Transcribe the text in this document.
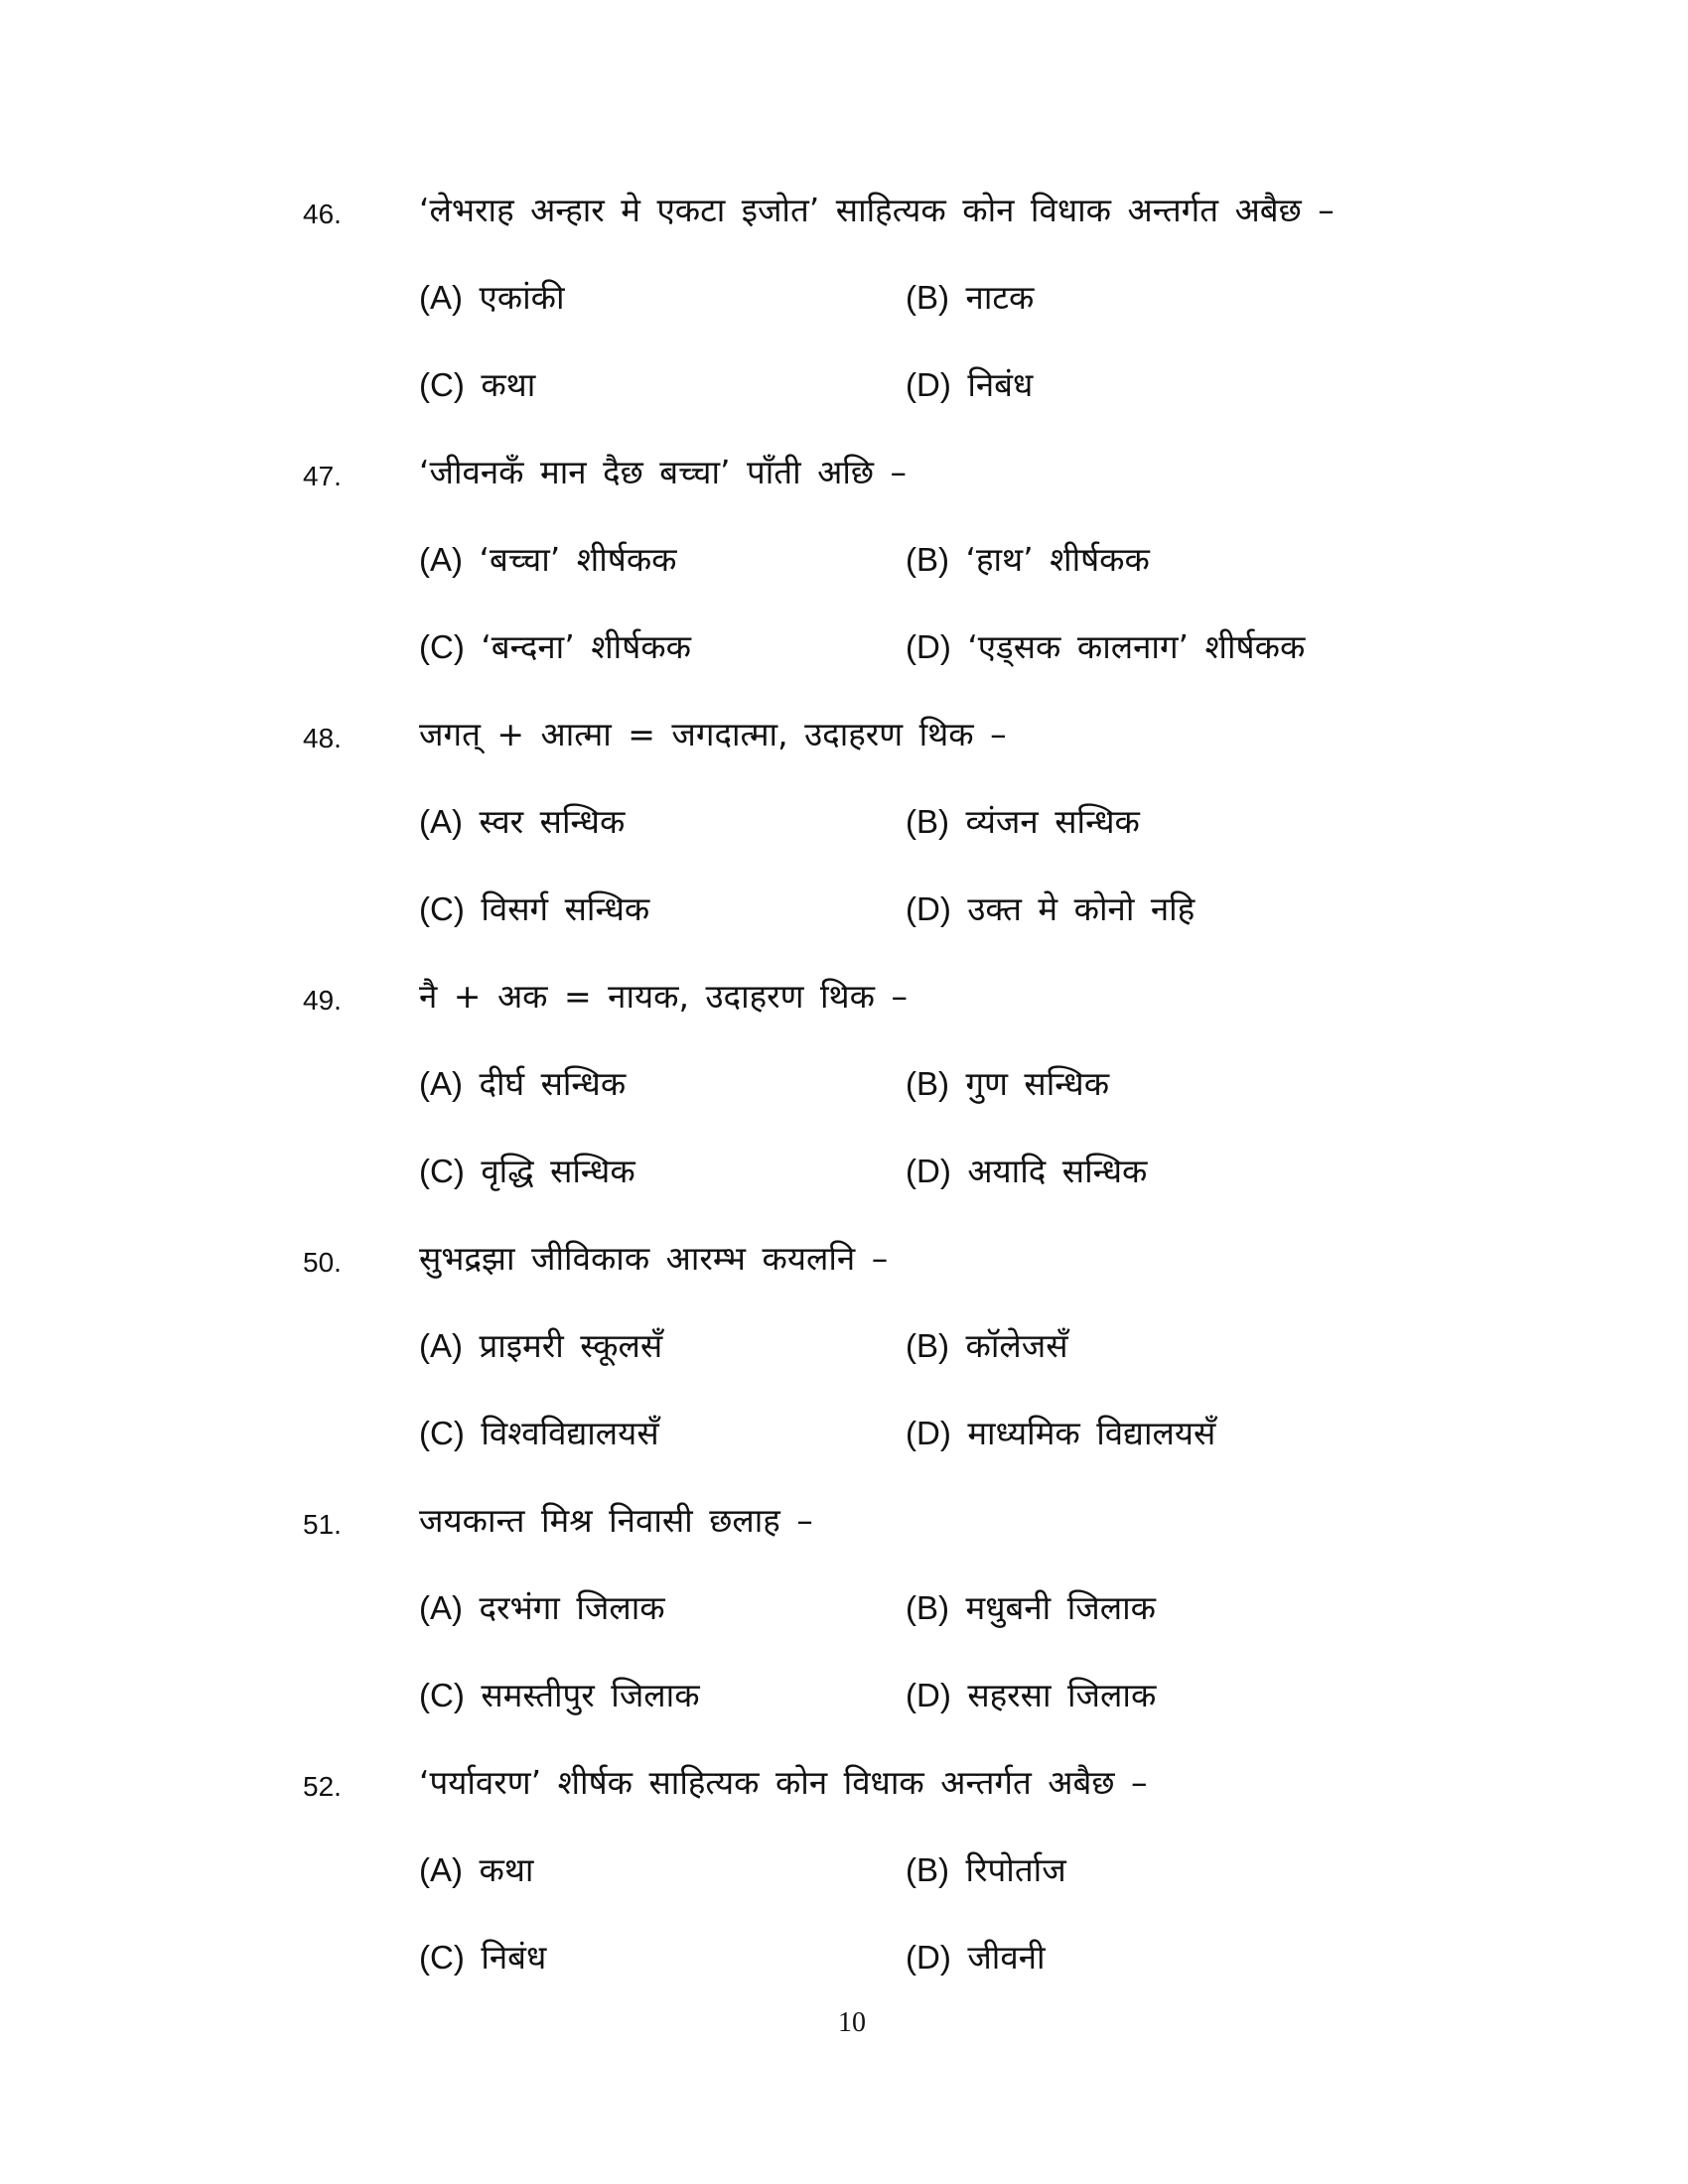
46. ‘लेभराह अन्हार मे एकटा इजोत’ साहित्यक कोन विधाक अन्तर्गत अबैछ –
(A) एकांकी	(B) नाटक
(C) कथा	(D) निबंध
47. ‘जीवनकँ मान दैछ बच्चा’ पाँती अछि –
(A) ‘बच्चा’ शीर्षकक	(B) ‘हाथ’ शीर्षकक
(C) ‘बन्दना’ शीर्षकक	(D) ‘एड्सक कालनाग’ शीर्षकक
48. जगत् + आत्मा = जगदात्मा, उदाहरण थिक –
(A) स्वर सन्धिक	(B) व्यंजन सन्धिक
(C) विसर्ग सन्धिक	(D) उक्त मे कोनो नहि
49. नै + अक = नायक, उदाहरण थिक –
(A) दीर्घ सन्धिक	(B) गुण सन्धिक
(C) वृद्धि सन्धिक	(D) अयादि सन्धिक
50. सुभद्रझा जीविकाक आरम्भ कयलनि –
(A) प्राइमरी स्कूलसँ	(B) कॉलेजसँ
(C) विश्वविद्यालयसँ	(D) माध्यमिक विद्यालयसँ
51. जयकान्त मिश्र निवासी छलाह –
(A) दरभंगा जिलाक	(B) मधुबनी जिलाक
(C) समस्तीपुर जिलाक	(D) सहरसा जिलाक
52. ‘पर्यावरण’ शीर्षक साहित्यक कोन विधाक अन्तर्गत अबैछ –
(A) कथा	(B) रिपोर्ताज
(C) निबंध	(D) जीवनी
10
